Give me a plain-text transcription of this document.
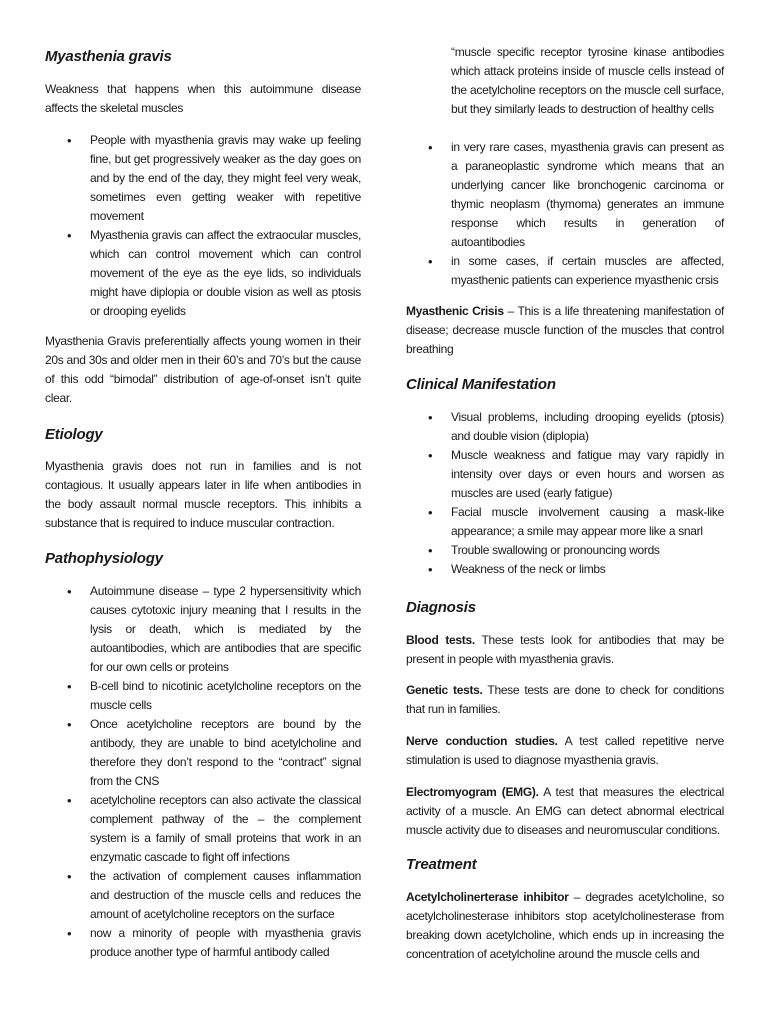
Myasthenia gravis

Weakness that happens when this autoimmune disease affects the skeletal muscles

• People with myasthenia gravis may wake up feeling fine, but get progressively weaker as the day goes on and by the end of the day, they might feel very weak, sometimes even getting weaker with repetitive movement
• Myasthenia gravis can affect the extraocular muscles, which can control movement which can control movement of the eye as the eye lids, so individuals might have diplopia or double vision as well as ptosis or drooping eyelids

Myasthenia Gravis preferentially affects young women in their 20s and 30s and older men in their 60’s and 70’s but the cause of this odd “bimodal” distribution of age-of-onset isn’t quite clear.

Etiology

Myasthenia gravis does not run in families and is not contagious. It usually appears later in life when antibodies in the body assault normal muscle receptors. This inhibits a substance that is required to induce muscular contraction.

Pathophysiology
• Autoimmune disease – type 2 hypersensitivity which causes cytotoxic injury meaning that I results in the lysis or death, which is mediated by the autoantibodies, which are antibodies that are specific for our own cells or proteins
• B-cell bind to nicotinic acetylcholine receptors on the muscle cells
• Once acetylcholine receptors are bound by the antibody, they are unable to bind acetylcholine and therefore they don’t respond to the “contract” signal from the CNS
• acetylcholine receptors can also activate the classical complement pathway of the – the complement system is a family of small proteins that work in an enzymatic cascade to fight off infections
• the activation of complement causes inflammation and destruction of the muscle cells and reduces the amount of acetylcholine receptors on the surface
• now a minority of people with myasthenia gravis produce another type of harmful antibody called

“muscle specific receptor tyrosine kinase antibodies which attack proteins inside of muscle cells instead of the acetylcholine receptors on the muscle cell surface, but they similarly leads to destruction of healthy cells

• in very rare cases, myasthenia gravis can present as a paraneoplastic syndrome which means that an underlying cancer like bronchogenic carcinoma or thymic neoplasm (thymoma) generates an immune response which results in generation of autoantibodies
• in some cases, if certain muscles are affected, myasthenic patients can experience myasthenic crsis

Myasthenic Crisis – This is a life threatening manifestation of disease; decrease muscle function of the muscles that control breathing

Clinical Manifestation
• Visual problems, including drooping eyelids (ptosis) and double vision (diplopia)
• Muscle weakness and fatigue may vary rapidly in intensity over days or even hours and worsen as muscles are used (early fatigue)
• Facial muscle involvement causing a mask-like appearance; a smile may appear more like a snarl
• Trouble swallowing or pronouncing words
• Weakness of the neck or limbs
Diagnosis

Blood tests. These tests look for antibodies that may be present in people with myasthenia gravis.

Genetic tests. These tests are done to check for conditions that run in families.

Nerve conduction studies. A test called repetitive nerve stimulation is used to diagnose myasthenia gravis.

Electromyogram (EMG). A test that measures the electrical activity of a muscle. An EMG can detect abnormal electrical muscle activity due to diseases and neuromuscular conditions.

Treatment

Acetylcholinerterase inhibitor – degrades acetylcholine, so acetylcholinesterase inhibitors stop acetylcholinesterase from breaking down acetylcholine, which ends up in increasing the concentration of acetylcholine around the muscle cells and
